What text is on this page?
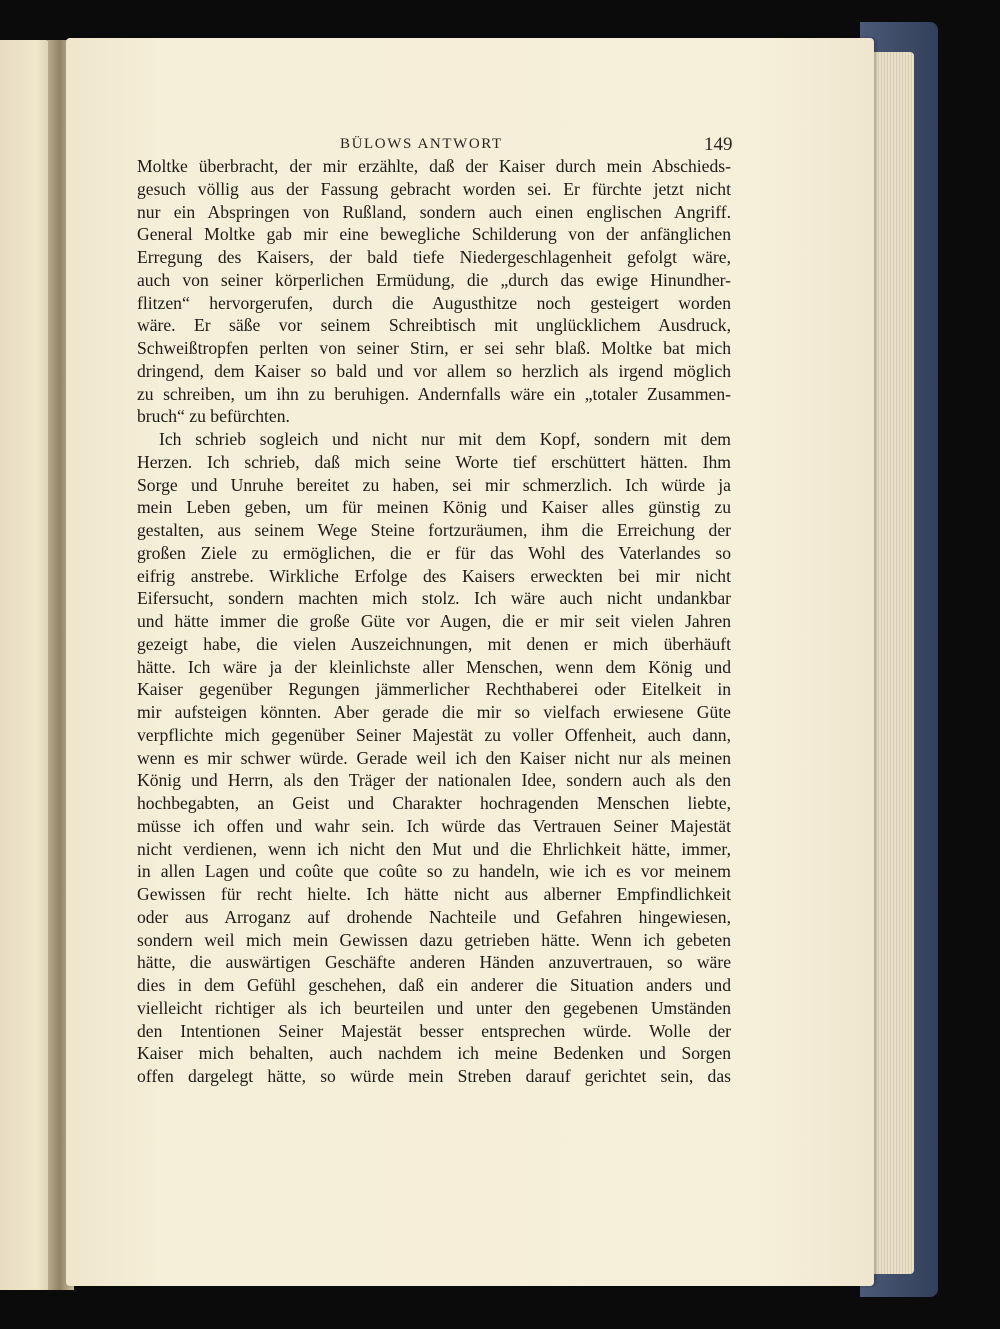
BÜLOWS ANTWORT	149
Moltke überbracht, der mir erzählte, daß der Kaiser durch mein Abschieds-
gesuch völlig aus der Fassung gebracht worden sei. Er fürchte jetzt nicht
nur ein Abspringen von Rußland, sondern auch einen englischen Angriff.
General Moltke gab mir eine bewegliche Schilderung von der anfänglichen
Erregung des Kaisers, der bald tiefe Niedergeschlagenheit gefolgt wäre,
auch von seiner körperlichen Ermüdung, die „durch das ewige Hinundher-
flitzen“ hervorgerufen, durch die Augusthitze noch gesteigert worden
wäre. Er säße vor seinem Schreibtisch mit unglücklichem Ausdruck,
Schweißtropfen perlten von seiner Stirn, er sei sehr blaß. Moltke bat mich
dringend, dem Kaiser so bald und vor allem so herzlich als irgend möglich
zu schreiben, um ihn zu beruhigen. Andernfalls wäre ein „totaler Zusammen-
bruch“ zu befürchten.
Ich schrieb sogleich und nicht nur mit dem Kopf, sondern mit dem
Herzen. Ich schrieb, daß mich seine Worte tief erschüttert hätten. Ihm
Sorge und Unruhe bereitet zu haben, sei mir schmerzlich. Ich würde ja
mein Leben geben, um für meinen König und Kaiser alles günstig zu
gestalten, aus seinem Wege Steine fortzuräumen, ihm die Erreichung der
großen Ziele zu ermöglichen, die er für das Wohl des Vaterlandes so
eifrig anstrebe. Wirkliche Erfolge des Kaisers erweckten bei mir nicht
Eifersucht, sondern machten mich stolz. Ich wäre auch nicht undankbar
und hätte immer die große Güte vor Augen, die er mir seit vielen Jahren
gezeigt habe, die vielen Auszeichnungen, mit denen er mich überhäuft
hätte. Ich wäre ja der kleinlichste aller Menschen, wenn dem König und
Kaiser gegenüber Regungen jämmerlicher Rechthaberei oder Eitelkeit in
mir aufsteigen könnten. Aber gerade die mir so vielfach erwiesene Güte
verpflichte mich gegenüber Seiner Majestät zu voller Offenheit, auch dann,
wenn es mir schwer würde. Gerade weil ich den Kaiser nicht nur als meinen
König und Herrn, als den Träger der nationalen Idee, sondern auch als den
hochbegabten, an Geist und Charakter hochragenden Menschen liebte,
müsse ich offen und wahr sein. Ich würde das Vertrauen Seiner Majestät
nicht verdienen, wenn ich nicht den Mut und die Ehrlichkeit hätte, immer,
in allen Lagen und coûte que coûte so zu handeln, wie ich es vor meinem
Gewissen für recht hielte. Ich hätte nicht aus alberner Empfindlichkeit
oder aus Arroganz auf drohende Nachteile und Gefahren hingewiesen,
sondern weil mich mein Gewissen dazu getrieben hätte. Wenn ich gebeten
hätte, die auswärtigen Geschäfte anderen Händen anzuvertrauen, so wäre
dies in dem Gefühl geschehen, daß ein anderer die Situation anders und
vielleicht richtiger als ich beurteilen und unter den gegebenen Umständen
den Intentionen Seiner Majestät besser entsprechen würde. Wolle der
Kaiser mich behalten, auch nachdem ich meine Bedenken und Sorgen
offen dargelegt hätte, so würde mein Streben darauf gerichtet sein, das
